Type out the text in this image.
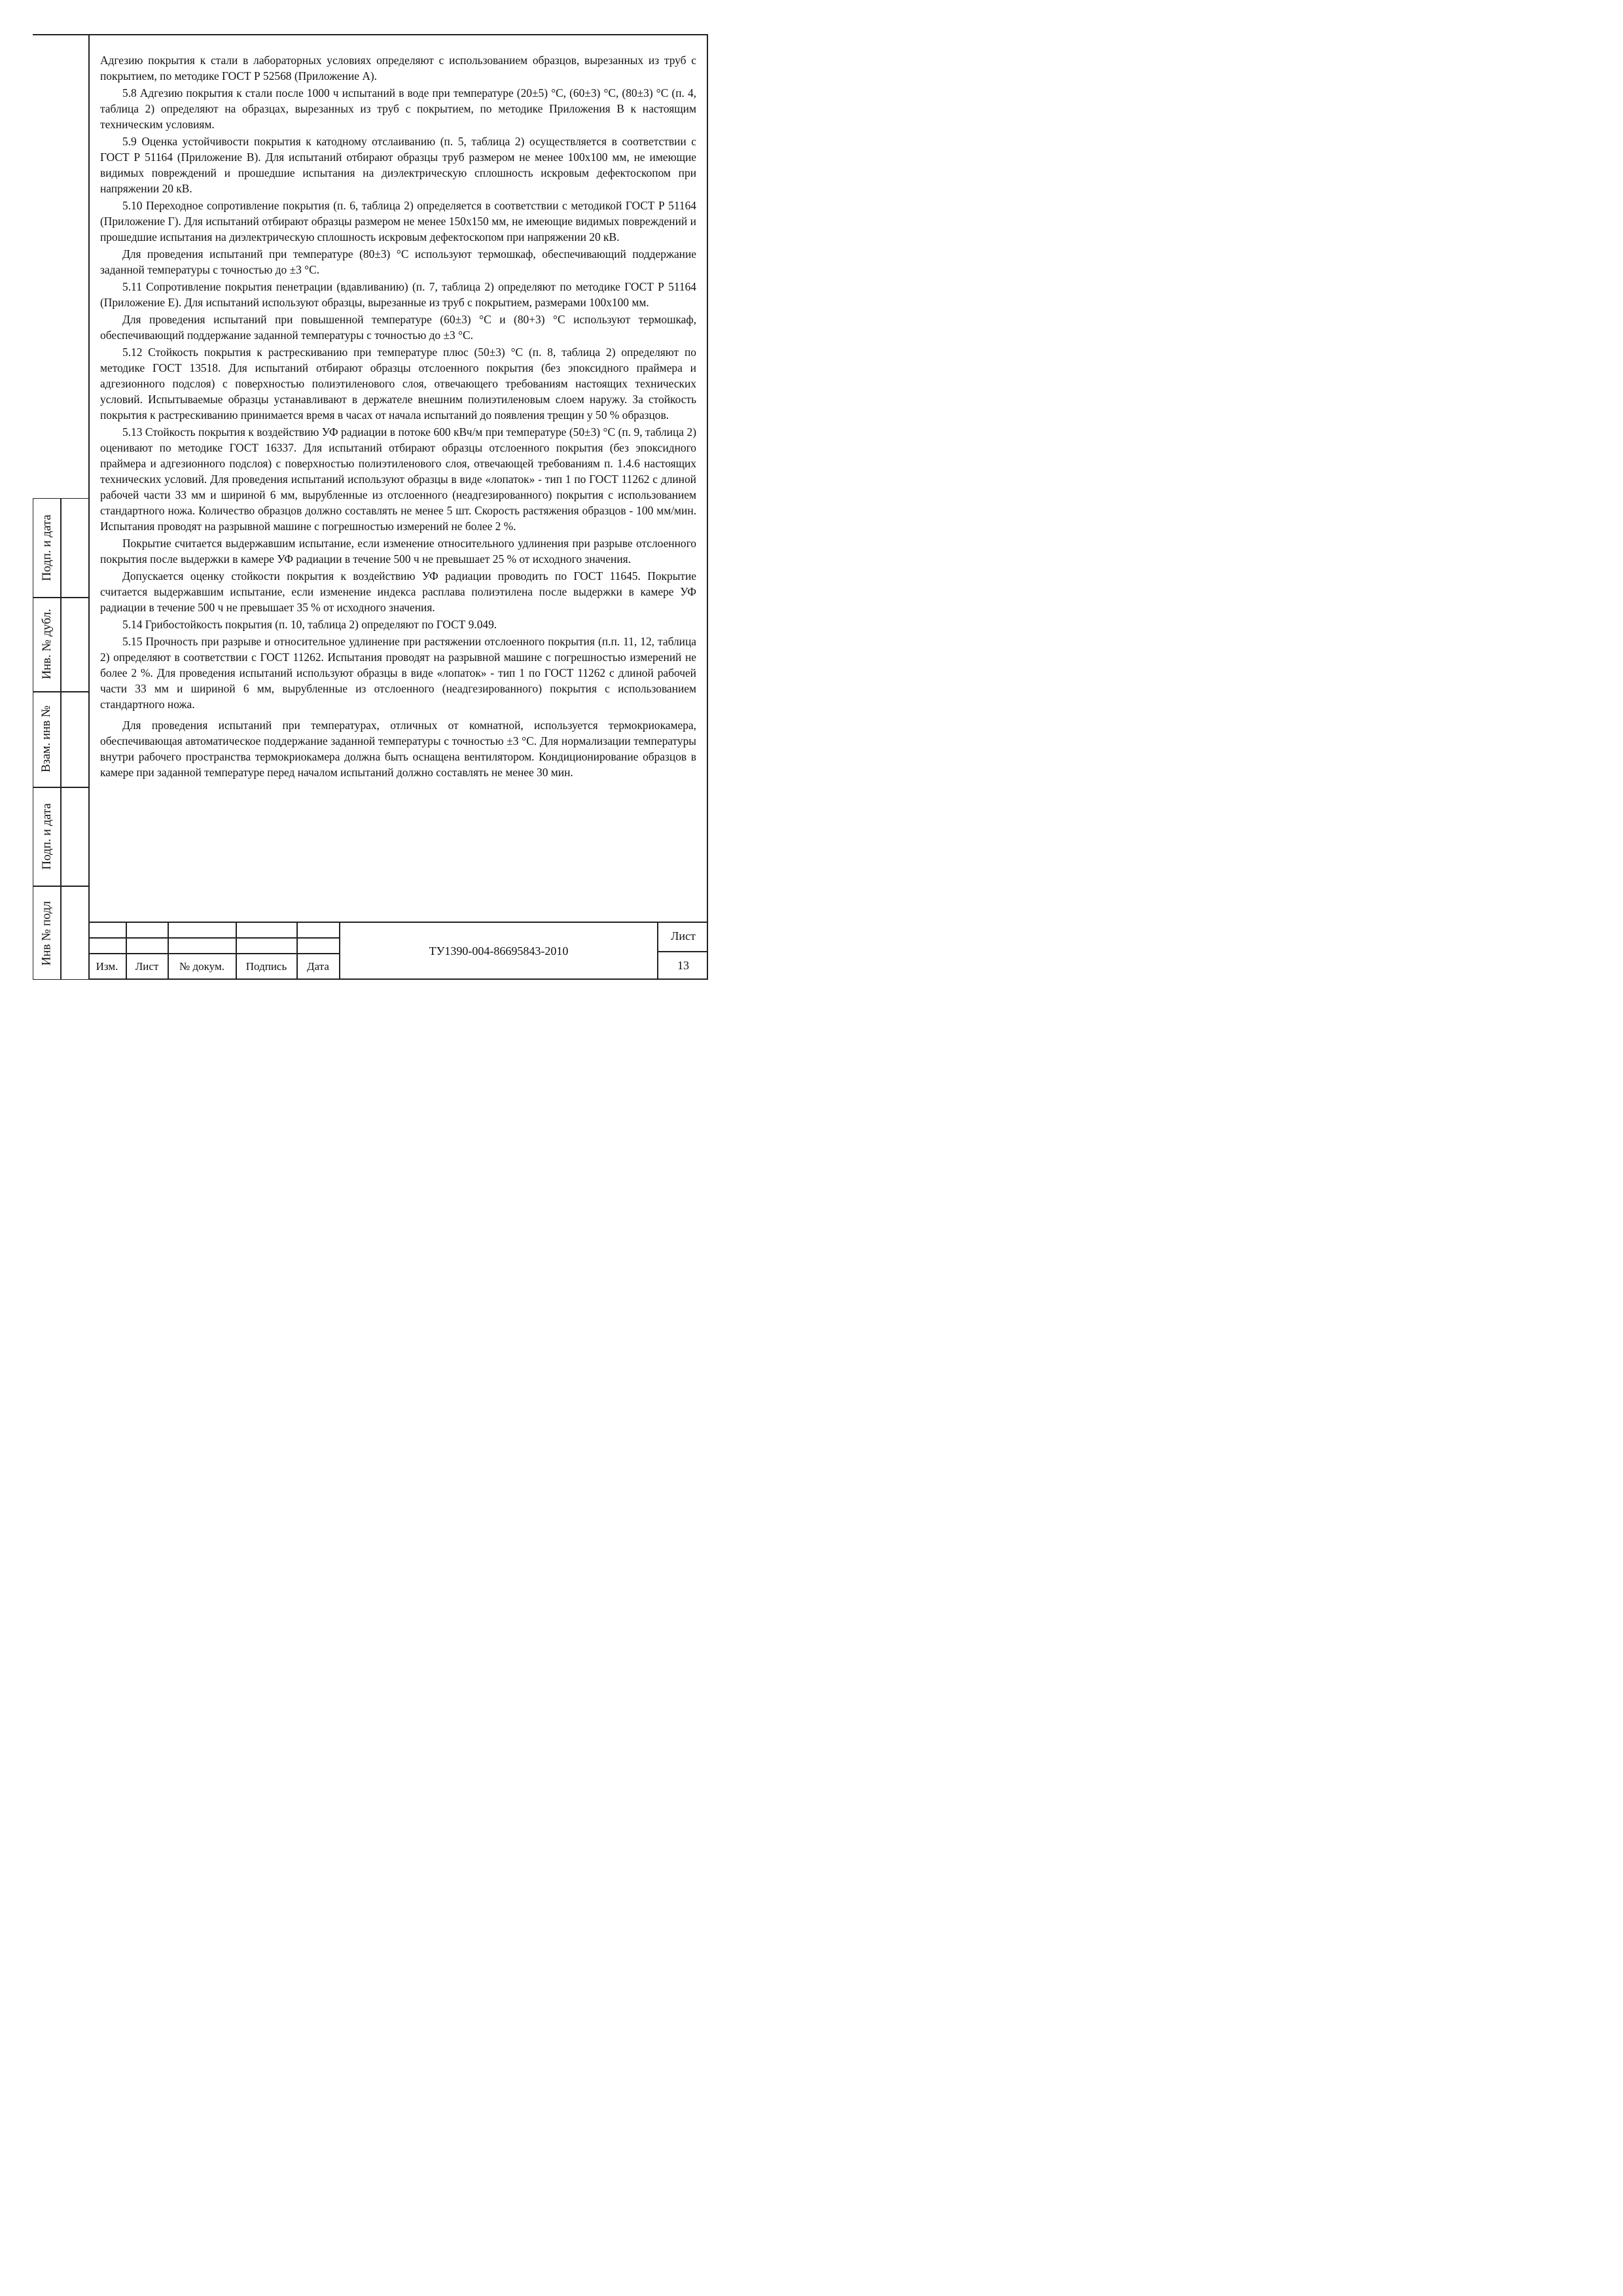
Подп. и дата
Инв. № дубл.
Взам. инв №
Подп. и дата
Инв № подл

Адгезию покрытия к стали в лабораторных условиях определяют с использованием образцов, вырезанных из труб с покрытием, по методике ГОСТ Р 52568 (Приложение А).

5.8 Адгезию покрытия к стали после 1000 ч испытаний в воде при температуре (20±5) °С, (60±3) °С, (80±3) °С (п. 4, таблица 2) определяют на образцах, вырезанных из труб с покрытием, по методике Приложения В к настоящим техническим условиям.

5.9 Оценка устойчивости покрытия к катодному отслаиванию (п. 5, таблица 2) осуществляется в соответствии с ГОСТ Р 51164 (Приложение В). Для испытаний отбирают образцы труб размером не менее 100х100 мм, не имеющие видимых повреждений и прошедшие испытания на диэлектрическую сплошность искровым дефектоскопом при напряжении 20 кВ.

5.10 Переходное сопротивление покрытия (п. 6, таблица 2) определяется в соответствии с методикой ГОСТ Р 51164 (Приложение Г). Для испытаний отбирают образцы размером не менее 150х150 мм, не имеющие видимых повреждений и прошедшие испытания на диэлектрическую сплошность искровым дефектоскопом при напряжении 20 кВ.

Для проведения испытаний при температуре (80±3) °С используют термошкаф, обеспечивающий поддержание заданной температуры с точностью до ±3 °С.

5.11 Сопротивление покрытия пенетрации (вдавливанию) (п. 7, таблица 2) определяют по методике ГОСТ Р 51164 (Приложение Е). Для испытаний используют образцы, вырезанные из труб с покрытием, размерами 100х100 мм.

Для проведения испытаний при повышенной температуре (60±3) °С и (80+3) °С используют термошкаф, обеспечивающий поддержание заданной температуры с точностью до ±3 °С.

5.12 Стойкость покрытия к растрескиванию при температуре плюс (50±3) °С (п. 8, таблица 2) определяют по методике ГОСТ 13518. Для испытаний отбирают образцы отслоенного покрытия (без эпоксидного праймера и адгезионного подслоя) с поверхностью полиэтиленового слоя, отвечающего требованиям настоящих технических условий. Испытываемые образцы устанавливают в держателе внешним полиэтиленовым слоем наружу. За стойкость покрытия к растрескиванию принимается время в часах от начала испытаний до появления трещин у 50 % образцов.

5.13 Стойкость покрытия к воздействию УФ радиации в потоке 600 кВч/м при температуре (50±3) °С (п. 9, таблица 2) оценивают по методике ГОСТ 16337. Для испытаний отбирают образцы отслоенного покрытия (без эпоксидного праймера и адгезионного подслоя) с поверхностью полиэтиленового слоя, отвечающей требованиям п. 1.4.6 настоящих технических условий. Для проведения испытаний используют образцы в виде «лопаток» - тип 1 по ГОСТ 11262 с длиной рабочей части 33 мм и шириной 6 мм, вырубленные из отслоенного (неадгезированного) покрытия с использованием стандартного ножа. Количество образцов должно составлять не менее 5 шт. Скорость растяжения образцов - 100 мм/мин. Испытания проводят на разрывной машине с погрешностью измерений не более 2 %.

Покрытие считается выдержавшим испытание, если изменение относительного удлинения при разрыве отслоенного покрытия после выдержки в камере УФ радиации в течение 500 ч не превышает 25 % от исходного значения.

Допускается оценку стойкости покрытия к воздействию УФ радиации проводить по ГОСТ 11645. Покрытие считается выдержавшим испытание, если изменение индекса расплава полиэтилена после выдержки в камере УФ радиации в течение 500 ч не превышает 35 % от исходного значения.

5.14 Грибостойкость покрытия (п. 10, таблица 2) определяют по ГОСТ 9.049.

5.15 Прочность при разрыве и относительное удлинение при растяжении отслоенного покрытия (п.п. 11, 12, таблица 2) определяют в соответствии с ГОСТ 11262. Испытания проводят на разрывной машине с погрешностью измерений не более 2 %. Для проведения испытаний используют образцы в виде «лопаток» - тип 1 по ГОСТ 11262 с длиной рабочей части 33 мм и шириной 6 мм, вырубленные из отслоенного (неадгезированного) покрытия с использованием стандартного ножа.

Для проведения испытаний при температурах, отличных от комнатной, используется термокриокамера, обеспечивающая автоматическое поддержание заданной температуры с точностью ±3 °С. Для нормализации температуры внутри рабочего пространства термокриокамера должна быть оснащена вентилятором. Кондиционирование образцов в камере при заданной температуре перед началом испытаний должно составлять не менее 30 мин.

Изм.	Лист	№ докум.	Подпись	Дата
ТУ1390-004-86695843-2010
Лист
13
